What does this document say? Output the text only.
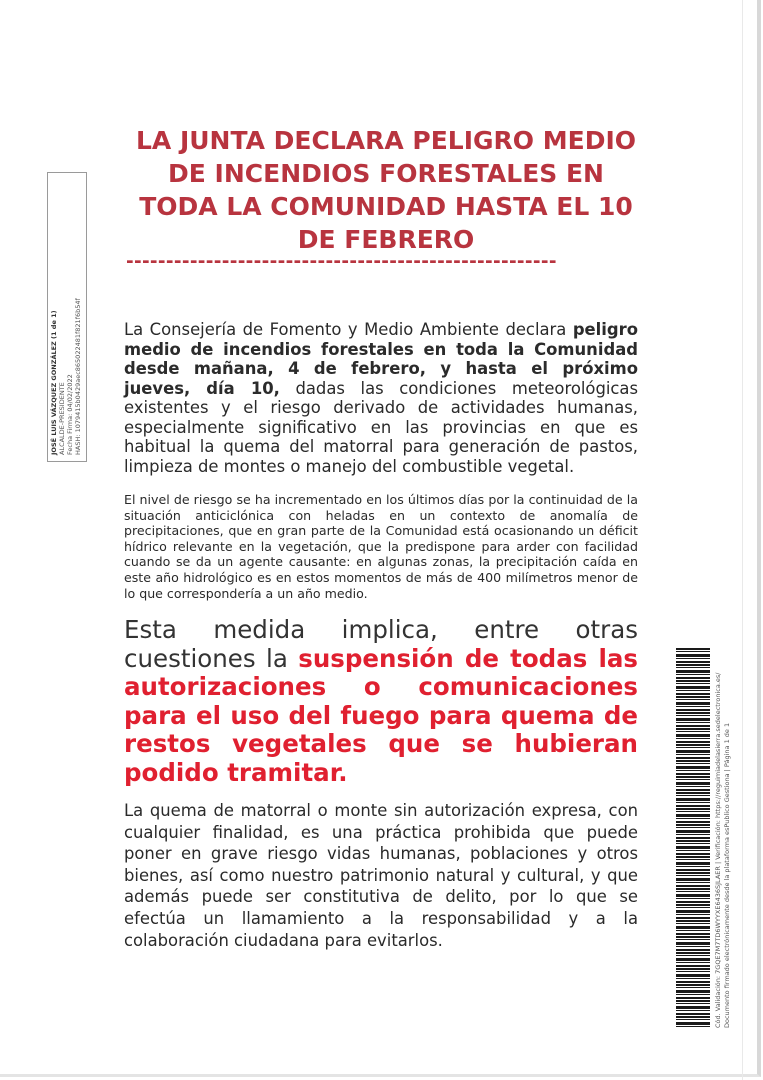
JOSÉ LUIS VÁZQUEZ GONZÁLEZ (1 de 1) ALCALDE-PRESIDENTE Fecha Firma: 04/02/2022 HASH: 1079415b0429aec865022481f821f6b54f
LA JUNTA DECLARA PELIGRO MEDIO DE INCENDIOS FORESTALES EN TODA LA COMUNIDAD HASTA EL 10 DE FEBRERO
------------------------------------------------------

La Consejería de Fomento y Medio Ambiente declara peligro medio de incendios forestales en toda la Comunidad desde mañana, 4 de febrero, y hasta el próximo jueves, día 10, dadas las condiciones meteorológicas existentes y el riesgo derivado de actividades humanas, especialmente significativo en las provincias en que es habitual la quema del matorral para generación de pastos, limpieza de montes o manejo del combustible vegetal.

El nivel de riesgo se ha incrementado en los últimos días por la continuidad de la situación anticiclónica con heladas en un contexto de anomalía de precipitaciones, que en gran parte de la Comunidad está ocasionando un déficit hídrico relevante en la vegetación, que la predispone para arder con facilidad cuando se da un agente causante: en algunas zonas, la precipitación caída en este año hidrológico es en estos momentos de más de 400 milímetros menor de lo que correspondería a un año medio.

Esta medida implica, entre otras cuestiones la suspensión de todas las autorizaciones o comunicaciones para el uso del fuego para quema de restos vegetales que se hubieran podido tramitar.

La quema de matorral o monte sin autorización expresa, con cualquier finalidad, es una práctica prohibida que puede poner en grave riesgo vidas humanas, poblaciones y otros bienes, así como nuestro patrimonio natural y cultural, y que además puede ser constitutiva de delito, por lo que se efectúa un llamamiento a la responsabilidad y a la colaboración ciudadana para evitarlos.	Cód. Validación: 7GQE7M7TD6WYYXE6436SJLAER | Verificación: https://reguimiadelasierra.sedelectronica.es/ Documento firmado electrónicamente desde la plataforma esPublico Gestiona | Página 1 de 1
